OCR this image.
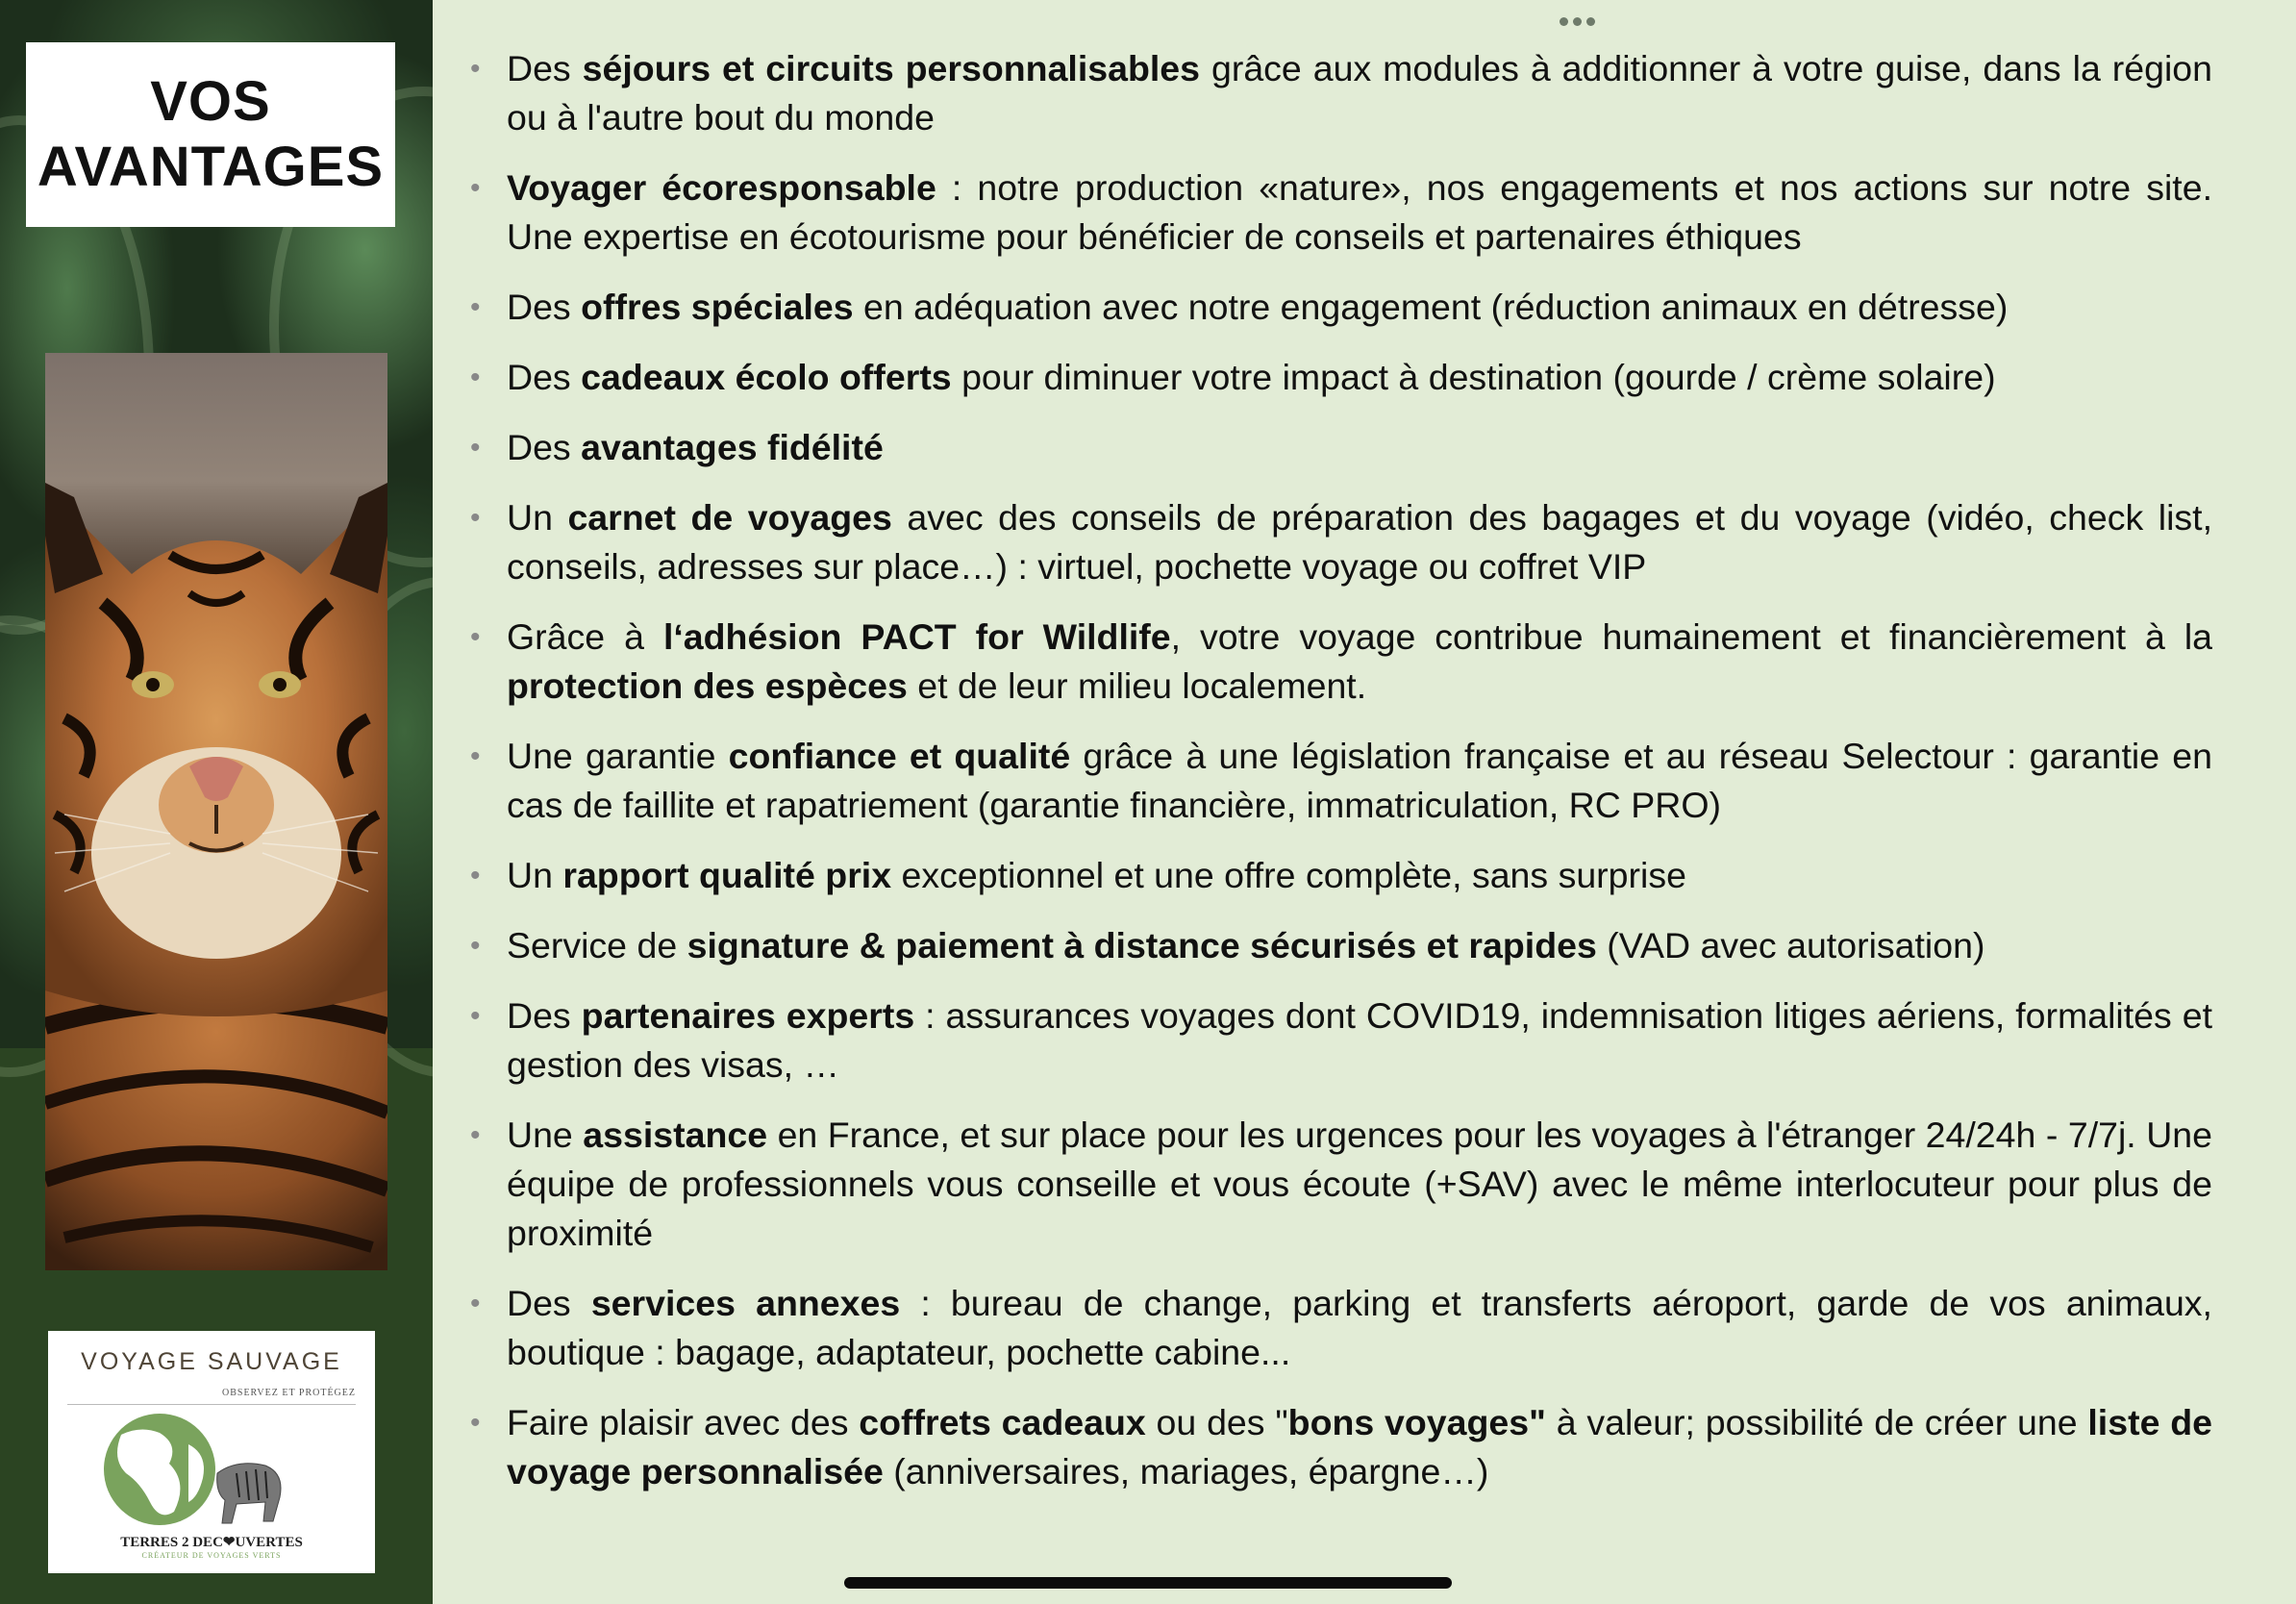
VOS
AVANTAGES
VOYAGE SAUVAGE
OBSERVEZ ET PROTÉGEZ
TERRES 2 DEC❤UVERTES
CRÉATEUR DE VOYAGES VERTS
• Des séjours et circuits personnalisables grâce aux modules à additionner à votre guise, dans la région ou à l'autre bout du monde
• Voyager écoresponsable : notre production «nature», nos engagements et nos actions sur notre site. Une expertise en écotourisme pour bénéficier de conseils et partenaires éthiques
• Des offres spéciales en adéquation avec notre engagement (réduction animaux en détresse)
• Des cadeaux écolo offerts pour diminuer votre impact à destination (gourde / crème solaire)
• Des avantages fidélité
• Un carnet de voyages avec des conseils de préparation des bagages et du voyage (vidéo, check list, conseils, adresses sur place…) : virtuel, pochette voyage ou coffret VIP
• Grâce à l‘adhésion PACT for Wildlife, votre voyage contribue humainement et financièrement à la protection des espèces et de leur milieu localement.
• Une garantie confiance et qualité grâce à une législation française et au réseau Selectour : garantie en cas de faillite et rapatriement (garantie financière, immatriculation, RC PRO)
• Un rapport qualité prix exceptionnel et une offre complète, sans surprise
• Service de signature & paiement à distance sécurisés et rapides (VAD avec autorisation)
• Des partenaires experts : assurances voyages dont COVID19, indemnisation litiges aériens, formalités et gestion des visas, …
• Une assistance en France, et sur place pour les urgences pour les voyages à l'étranger 24/24h - 7/7j. Une équipe de professionnels vous conseille et vous écoute (+SAV) avec le même interlocuteur pour plus de proximité
• Des services annexes : bureau de change, parking et transferts aéroport, garde de vos animaux, boutique : bagage, adaptateur, pochette cabine...
• Faire plaisir avec des coffrets cadeaux ou des "bons voyages" à valeur; possibilité de créer une liste de voyage personnalisée (anniversaires, mariages, épargne…)
